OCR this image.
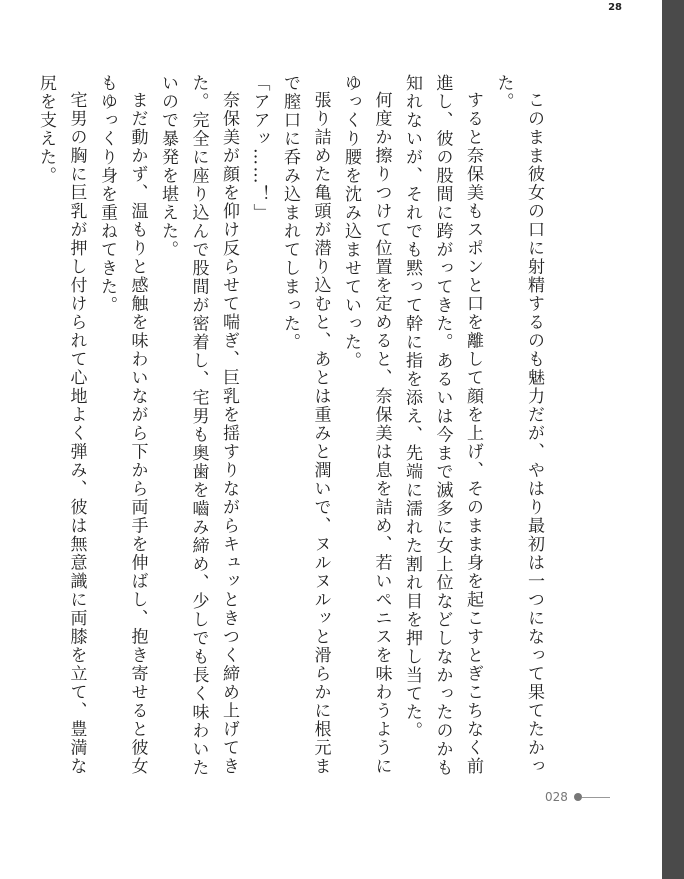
28

このまま彼女の口に射精するのも魅力だが、やはり最初は一つになって果てたかった。

すると奈保美もスポンと口を離して顔を上げ、そのまま身を起こすとぎこちなく前進し、彼の股間に跨がってきた。あるいは今まで滅多に女上位などしなかったのかも知れないが、それでも黙って幹に指を添え、先端に濡れた割れ目を押し当てた。

何度か擦りつけて位置を定めると、奈保美は息を詰め、若いペニスを味わうようにゆっくり腰を沈み込ませていった。

張り詰めた亀頭が潜り込むと、あとは重みと潤いで、ヌルヌルッと滑らかに根元まで膣口に呑み込まれてしまった。

「アアッ……！」

奈保美が顔を仰け反らせて喘ぎ、巨乳を揺すりながらキュッときつく締め上げてきた。完全に座り込んで股間が密着し、宅男も奥歯を嚙み締め、少しでも長く味わいたいので暴発を堪えた。

まだ動かず、温もりと感触を味わいながら下から両手を伸ばし、抱き寄せると彼女もゆっくり身を重ねてきた。

宅男の胸に巨乳が押し付けられて心地よく弾み、彼は無意識に両膝を立て、豊満な尻を支えた。

028
